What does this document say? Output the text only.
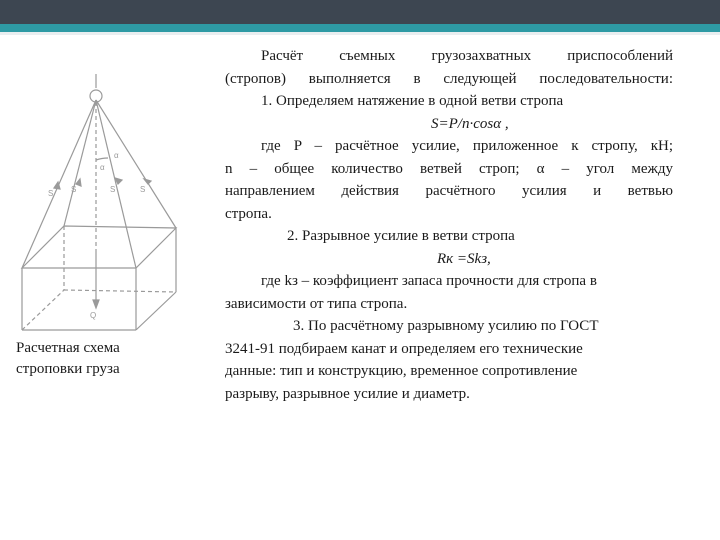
α
α
S S	S	S
Q
Расчетная схема
строповки груза

Расчёт съемных грузозахватных приспособлений

(стропов) выполняется в следующей последовательности:

1. Определяем натяжение в одной ветви стропа

S=P/n·cosα ,

где P – расчётное усилие, приложенное к стропу, кН;

n – общее количество ветвей строп; α – угол между

направлением действия расчётного усилия и ветвью

стропа.

2. Разрывное усилие в ветви стропа

Rк =Skз,

где kз – коэффициент запаса прочности для стропа в

зависимости от типа стропа.

3. По расчётному разрывному усилию по ГОСТ

3241-91 подбираем канат и определяем его технические

данные: тип и конструкцию, временное сопротивление

разрыву, разрывное усилие и диаметр.
